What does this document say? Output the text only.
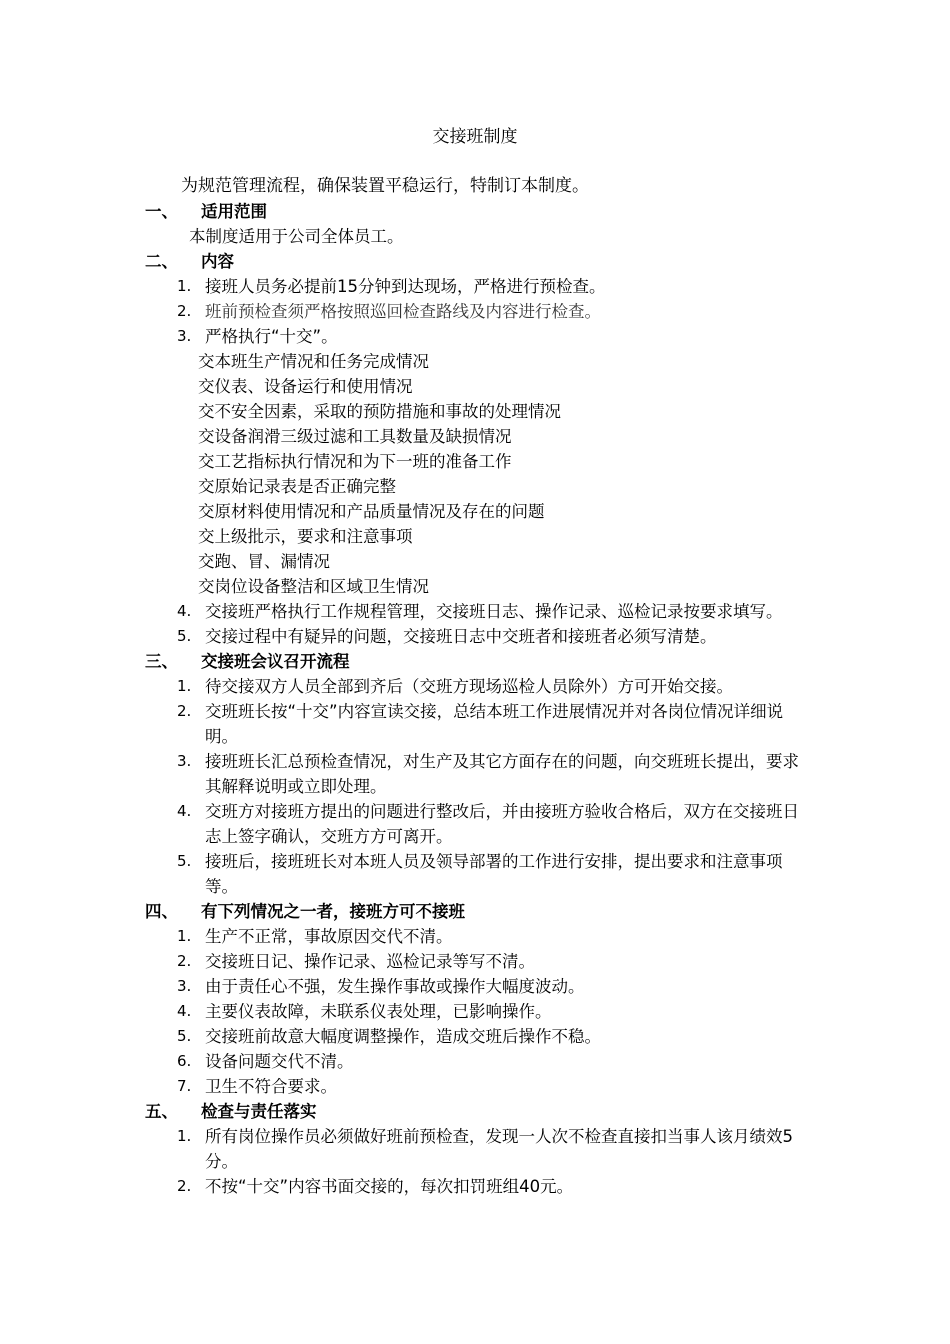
交接班制度
为规范管理流程，确保装置平稳运行，特制订本制度。
一、	适用范围
本制度适用于公司全体员工。
二、	内容
1. 接班人员务必提前15分钟到达现场，严格进行预检查。
2. 班前预检查须严格按照巡回检查路线及内容进行检查。
3. 严格执行“十交”。
交本班生产情况和任务完成情况
交仪表、设备运行和使用情况
交不安全因素，采取的预防措施和事故的处理情况
交设备润滑三级过滤和工具数量及缺损情况
交工艺指标执行情况和为下一班的准备工作
交原始记录表是否正确完整
交原材料使用情况和产品质量情况及存在的问题
交上级批示，要求和注意事项
交跑、冒、漏情况
交岗位设备整洁和区域卫生情况
4. 交接班严格执行工作规程管理，交接班日志、操作记录、巡检记录按要求填写。
5. 交接过程中有疑异的问题，交接班日志中交班者和接班者必须写清楚。
三、	交接班会议召开流程
1. 待交接双方人员全部到齐后（交班方现场巡检人员除外）方可开始交接。
2. 交班班长按“十交”内容宣读交接，总结本班工作进展情况并对各岗位情况详细说明。
3. 接班班长汇总预检查情况，对生产及其它方面存在的问题，向交班班长提出，要求其解释说明或立即处理。
4. 交班方对接班方提出的问题进行整改后，并由接班方验收合格后，双方在交接班日志上签字确认，交班方方可离开。
5. 接班后，接班班长对本班人员及领导部署的工作进行安排，提出要求和注意事项等。
四、	有下列情况之一者，接班方可不接班
1. 生产不正常，事故原因交代不清。
2. 交接班日记、操作记录、巡检记录等写不清。
3. 由于责任心不强，发生操作事故或操作大幅度波动。
4. 主要仪表故障，未联系仪表处理，已影响操作。
5. 交接班前故意大幅度调整操作，造成交班后操作不稳。
6. 设备问题交代不清。
7. 卫生不符合要求。
五、	检查与责任落实
1. 所有岗位操作员必须做好班前预检查，发现一人次不检查直接扣当事人该月绩效5分。
2. 不按“十交”内容书面交接的，每次扣罚班组40元。
